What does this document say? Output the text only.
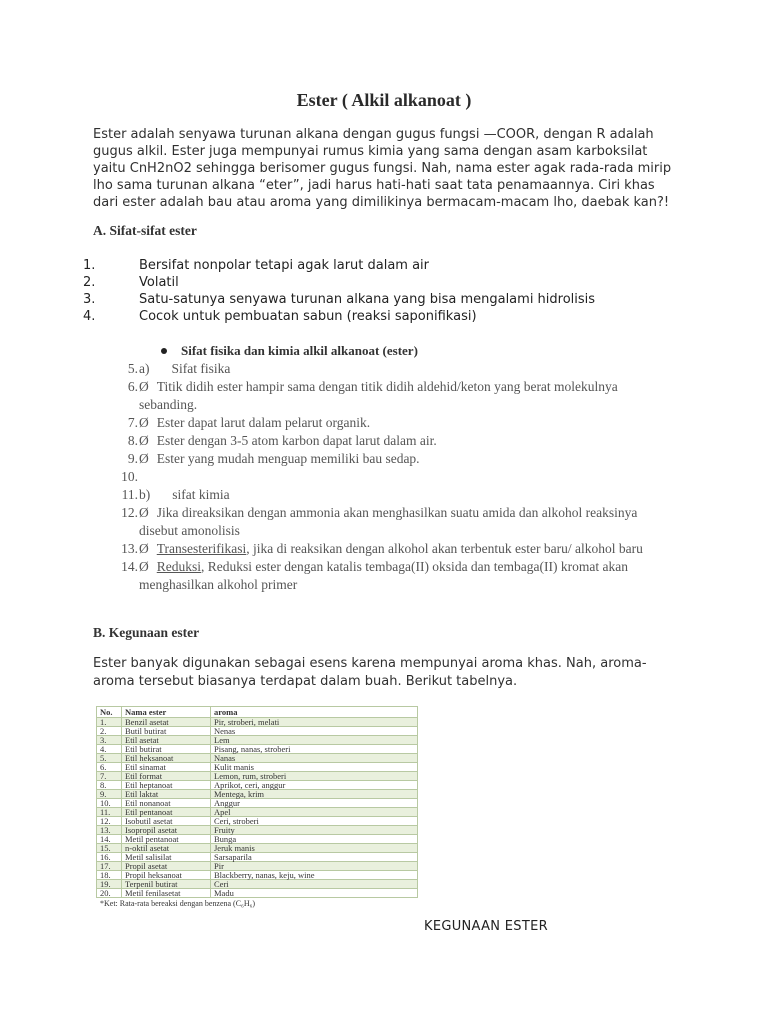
Ester ( Alkil alkanoat )

Ester adalah senyawa turunan alkana dengan gugus fungsi —COOR, dengan R adalah gugus alkil. Ester juga mempunyai rumus kimia yang sama dengan asam karboksilat yaitu CnH2nO2 sehingga berisomer gugus fungsi. Nah, nama ester agak rada-rada mirip lho sama turunan alkana “eter”, jadi harus hati-hati saat tata penamaannya. Ciri khas dari ester adalah bau atau aroma yang dimilikinya bermacam-macam lho, daebak kan?!

A. Sifat-sifat ester
1.	Bersifat nonpolar tetapi agak larut dalam air
2.	Volatil
3.	Satu-satunya senyawa turunan alkana yang bisa mengalami hidrolisis
4.	Cocok untuk pembuatan sabun (reaksi saponifikasi)
Sifat fisika dan kimia alkil alkanoat (ester)
5. a) Sifat fisika
6. Ø Titik didih ester hampir sama dengan titik didih aldehid/keton yang berat molekulnya sebanding.
7. Ø Ester dapat larut dalam pelarut organik.
8. Ø Ester dengan 3-5 atom karbon dapat larut dalam air.
9. Ø Ester yang mudah menguap memiliki bau sedap.
10.

11. b) sifat kimia
12. Ø Jika direaksikan dengan ammonia akan menghasilkan suatu amida dan alkohol reaksinya disebut amonolisis
13. Ø Transesterifikasi, jika di reaksikan dengan alkohol akan terbentuk ester baru/ alkohol baru
14. Ø Reduksi, Reduksi ester dengan katalis tembaga(II) oksida dan tembaga(II) kromat akan menghasilkan alkohol primer
B. Kegunaan ester

Ester banyak digunakan sebagai esens karena mempunyai aroma khas. Nah, aroma-aroma tersebut biasanya terdapat dalam buah. Berikut tabelnya.

No.	Nama ester	aroma
1.	Benzil asetat	Pir, stroberi, melati
2.	Butil butirat	Nenas
3.	Etil asetat	Lem
4.	Etil butirat	Pisang, nanas, stroberi
5.	Etil heksanoat	Nanas
6.	Etil sinamat	Kulit manis
7.	Etil format	Lemon, rum, stroberi
8.	Etil heptanoat	Aprikot, ceri, anggur
9.	Etil laktat	Mentega, krim
10.	Etil nonanoat	Anggur
11.	Etil pentanoat	Apel
12.	Isobutil asetat	Ceri, stroberi
13.	Isopropil asetat	Fruity
14.	Metil pentanoat	Bunga
15.	n-oktil asetat	Jeruk manis
16.	Metil salisilat	Sarsaparila
17.	Propil asetat	Pir
18.	Propil heksanoat	Blackberry, nanas, keju, wine
19.	Terpenil butirat	Ceri
20.	Metil fenilasetat	Madu
*Ket: Rata-rata bereaksi dengan benzena (C₆H₆)
KEGUNAAN ESTER
